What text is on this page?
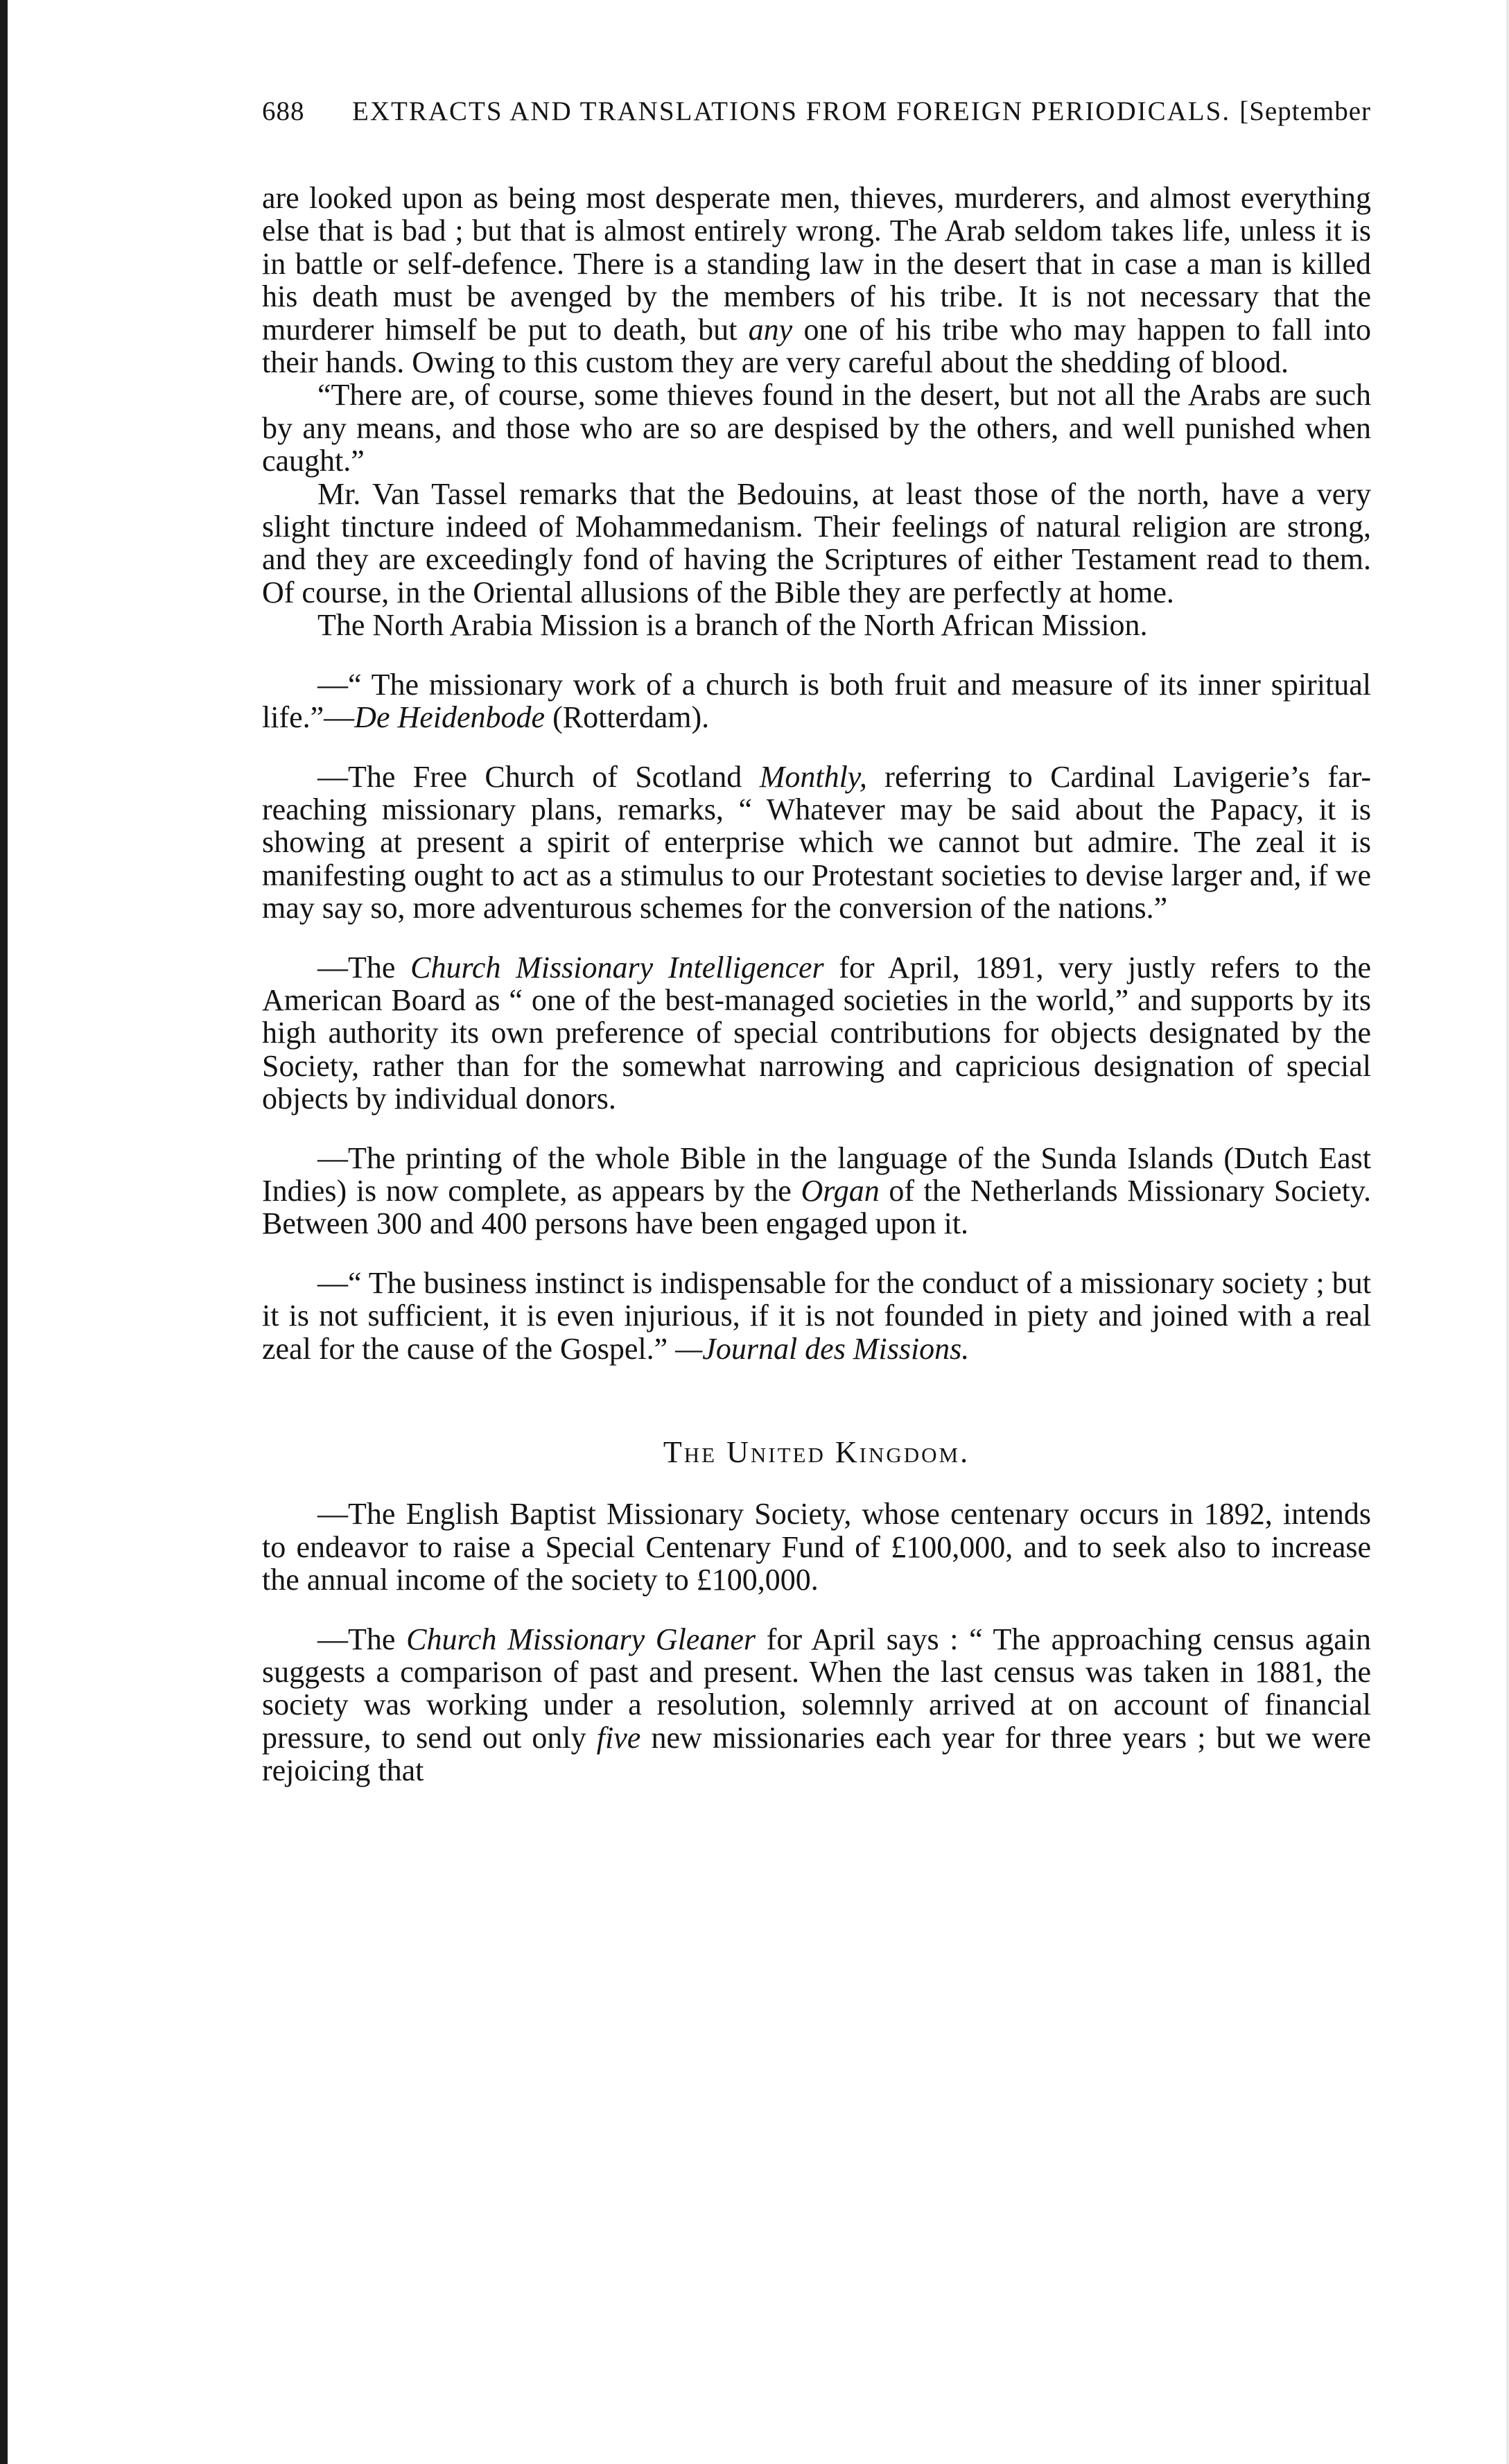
688	EXTRACTS AND TRANSLATIONS FROM FOREIGN PERIODICALS. [September

are looked upon as being most desperate men, thieves, murderers, and almost everything else that is bad ; but that is almost entirely wrong. The Arab seldom takes life, unless it is in battle or self-defence. There is a standing law in the desert that in case a man is killed his death must be avenged by the members of his tribe. It is not necessary that the murderer himself be put to death, but any one of his tribe who may happen to fall into their hands. Owing to this custom they are very careful about the shedding of blood.

“There are, of course, some thieves found in the desert, but not all the Arabs are such by any means, and those who are so are despised by the others, and well punished when caught.”

Mr. Van Tassel remarks that the Bedouins, at least those of the north, have a very slight tincture indeed of Mohammedanism. Their feelings of natural religion are strong, and they are exceedingly fond of having the Scriptures of either Testament read to them. Of course, in the Oriental allusions of the Bible they are perfectly at home.

The North Arabia Mission is a branch of the North African Mission.

—“ The missionary work of a church is both fruit and measure of its inner spiritual life.”—De Heidenbode (Rotterdam).

—The Free Church of Scotland Monthly, referring to Cardinal Lavigerie’s far-reaching missionary plans, remarks, “ Whatever may be said about the Papacy, it is showing at present a spirit of enterprise which we cannot but admire. The zeal it is manifesting ought to act as a stimulus to our Protestant societies to devise larger and, if we may say so, more adventurous schemes for the conversion of the nations.”

—The Church Missionary Intelligencer for April, 1891, very justly refers to the American Board as “ one of the best-managed societies in the world,” and supports by its high authority its own preference of special contributions for objects designated by the Society, rather than for the somewhat narrowing and capricious designation of special objects by individual donors.

—The printing of the whole Bible in the language of the Sunda Islands (Dutch East Indies) is now complete, as appears by the Organ of the Netherlands Missionary Society. Between 300 and 400 persons have been engaged upon it.

—“ The business instinct is indispensable for the conduct of a missionary society ; but it is not sufficient, it is even injurious, if it is not founded in piety and joined with a real zeal for the cause of the Gospel.” —Journal des Missions.

The United Kingdom.

—The English Baptist Missionary Society, whose centenary occurs in 1892, intends to endeavor to raise a Special Centenary Fund of £100,000, and to seek also to increase the annual income of the society to £100,000.

—The Church Missionary Gleaner for April says : “ The approaching census again suggests a comparison of past and present. When the last census was taken in 1881, the society was working under a resolution, solemnly arrived at on account of financial pressure, to send out only five new missionaries each year for three years ; but we were rejoicing that
